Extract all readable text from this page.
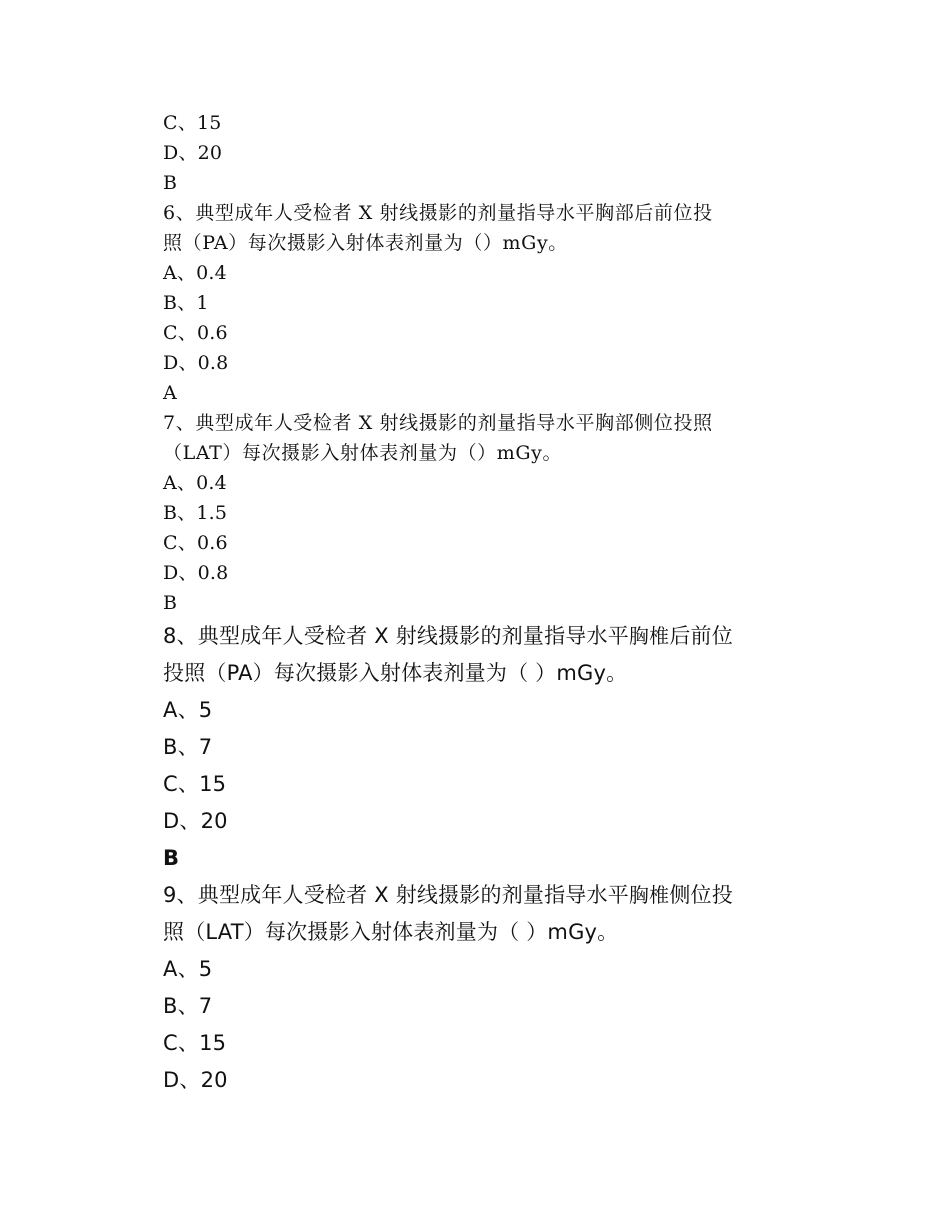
C、15
D、20
B
6、典型成年人受检者 X 射线摄影的剂量指导水平胸部后前位投
照（PA）每次摄影入射体表剂量为（）mGy。
A、0.4
B、1
C、0.6
D、0.8
A
7、典型成年人受检者 X 射线摄影的剂量指导水平胸部侧位投照
（LAT）每次摄影入射体表剂量为（）mGy。
A、0.4
B、1.5
C、0.6
D、0.8
B
8、典型成年人受检者 X 射线摄影的剂量指导水平胸椎后前位
投照（PA）每次摄影入射体表剂量为（ ）mGy。
A、5
B、7
C、15
D、20
B
9、典型成年人受检者 X 射线摄影的剂量指导水平胸椎侧位投
照（LAT）每次摄影入射体表剂量为（ ）mGy。
A、5
B、7
C、15
D、20
